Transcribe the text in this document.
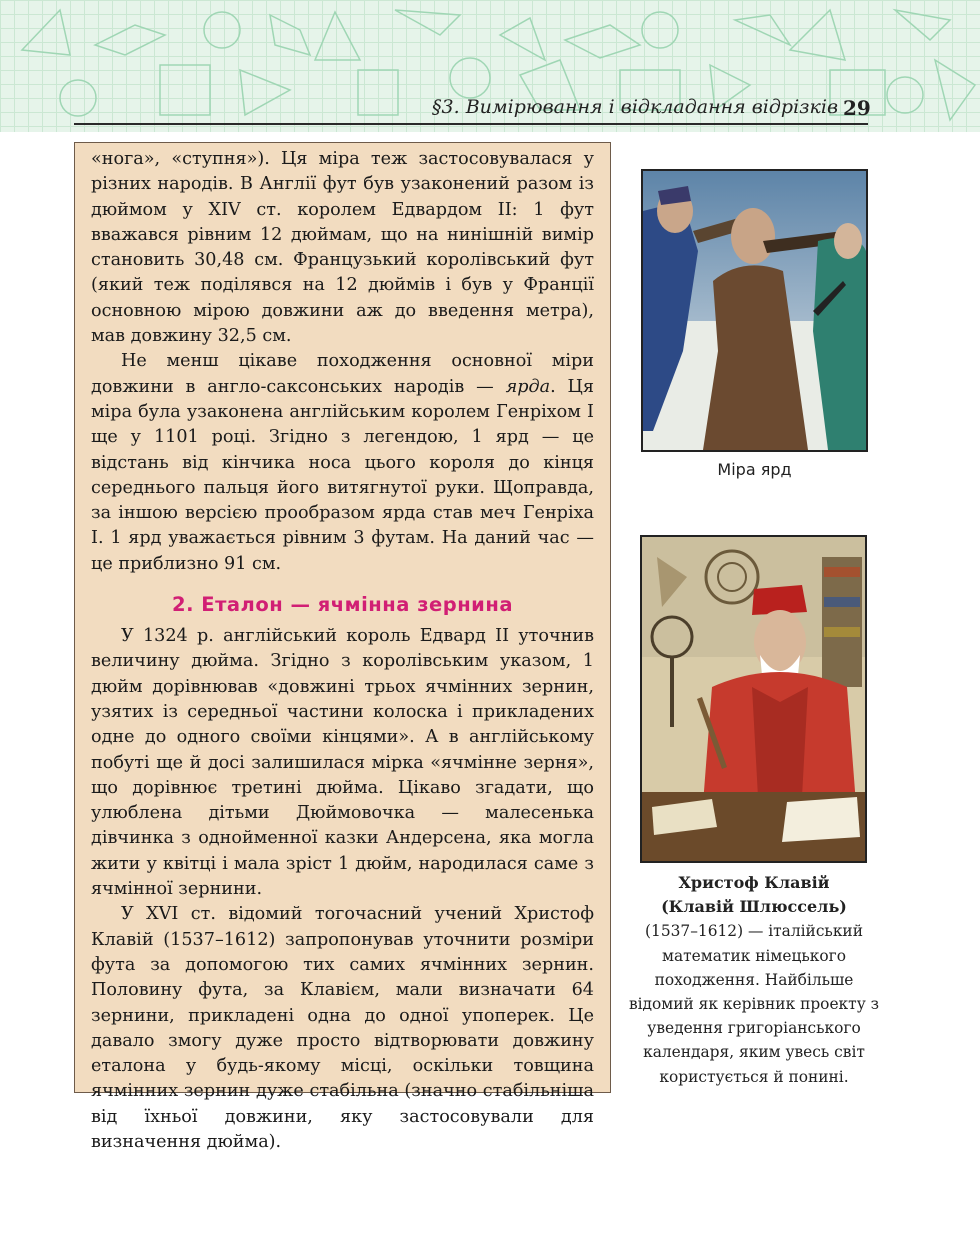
§3. Вимірювання і відкладання відрізків 29

«нога», «ступня»). Ця міра теж застосовувалася у різних народів. В Англії фут був узаконений разом із дюймом у XIV ст. королем Едвардом II: 1 фут вважався рівним 12 дюймам, що на нинішній вимір становить 30,48 см. Французький королівський фут (який теж поділявся на 12 дюймів і був у Франції основною мірою довжини аж до введення метра), мав довжину 32,5 см.

Не менш цікаве походження основної міри довжини в англо-саксонських народів — ярда. Ця міра була узаконена англійським королем Генріхом I ще у 1101 році. Згідно з легендою, 1 ярд — це відстань від кінчика носа цього короля до кінця середнього пальця його витягнутої руки. Щоправда, за іншою версією прообразом ярда став меч Генріха I. 1 ярд уважається рівним 3 футам. На даний час — це приблизно 91 см.

2. Еталон — ячмінна зернина

У 1324 р. англійський король Едвард II уточнив величину дюйма. Згідно з королівським указом, 1 дюйм дорівнював «довжині трьох ячмінних зернин, узятих із середньої частини колоска і прикладених одне до одного своїми кінцями». А в англійському побуті ще й досі залишилася мірка «ячмінне зерня», що дорівнює третині дюйма. Цікаво згадати, що улюблена дітьми Дюймовочка — малесенька дівчинка з однойменної казки Андерсена, яка могла жити у квітці і мала зріст 1 дюйм, народилася саме з ячмінної зернини.

У XVI ст. відомий тогочасний учений Христоф Клавій (1537–1612) запропонував уточнити розміри фута за допомогою тих самих ячмінних зернин. Половину фута, за Клавієм, мали визначати 64 зернини, прикладені одна до одної упоперек. Це давало змогу дуже просто відтворювати довжину еталона у будь-якому місці, оскільки товщина ячмінних зернин дуже стабільна (значно стабільніша від їхньої довжини, яку застосовували для визначення дюйма).

Міра ярд
Христоф Клавій
(Клавій Шлюссель)
(1537–1612) — італійський математик німецького походження. Найбільше відомий як керівник проекту з уведення григоріанського календаря, яким увесь світ користується й понині.
